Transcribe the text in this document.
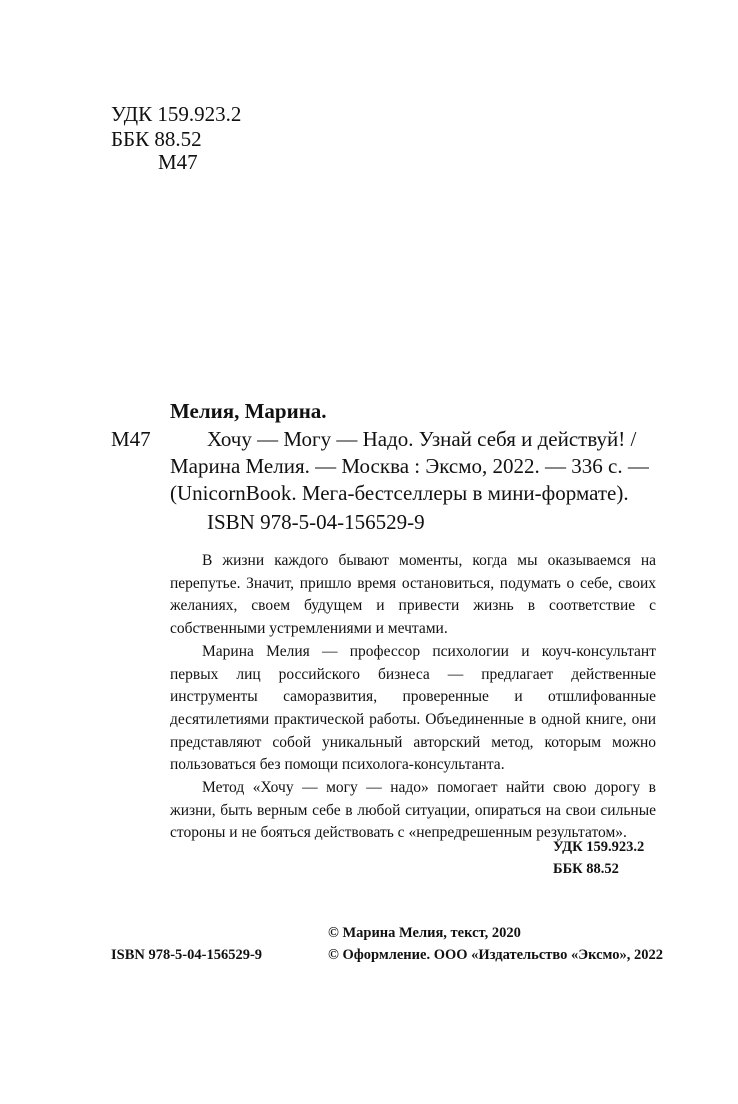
УДК 159.923.2
ББК 88.52
М47
Мелия, Марина.
М47	Хочу — Могу — Надо. Узнай себя и действуй! /
Марина Мелия. — Москва : Эксмо, 2022. — 336 с. —
(UnicornBook. Мега-бестселлеры в мини-формате).
ISBN 978-5-04-156529-9

В жизни каждого бывают моменты, когда мы оказываемся на перепутье. Значит, пришло время остановиться, подумать о себе, своих желаниях, своем будущем и привести жизнь в соответствие с собственными устремлениями и мечтами.

Марина Мелия — профессор психологии и коуч-консультант первых лиц российского бизнеса — предлагает действенные инструменты саморазвития, проверенные и отшлифованные десятилетиями практической работы. Объединенные в одной книге, они представляют собой уникальный авторский метод, которым можно пользоваться без помощи психолога-консультанта.

Метод «Хочу — могу — надо» помогает найти свою дорогу в жизни, быть верным себе в любой ситуации, опираться на свои сильные стороны и не бояться действовать с «непредрешенным результатом».

УДК 159.923.2
ББК 88.52
ISBN 978-5-04-156529-9
© Марина Мелия, текст, 2020
© Оформление. ООО «Издательство «Эксмо», 2022
